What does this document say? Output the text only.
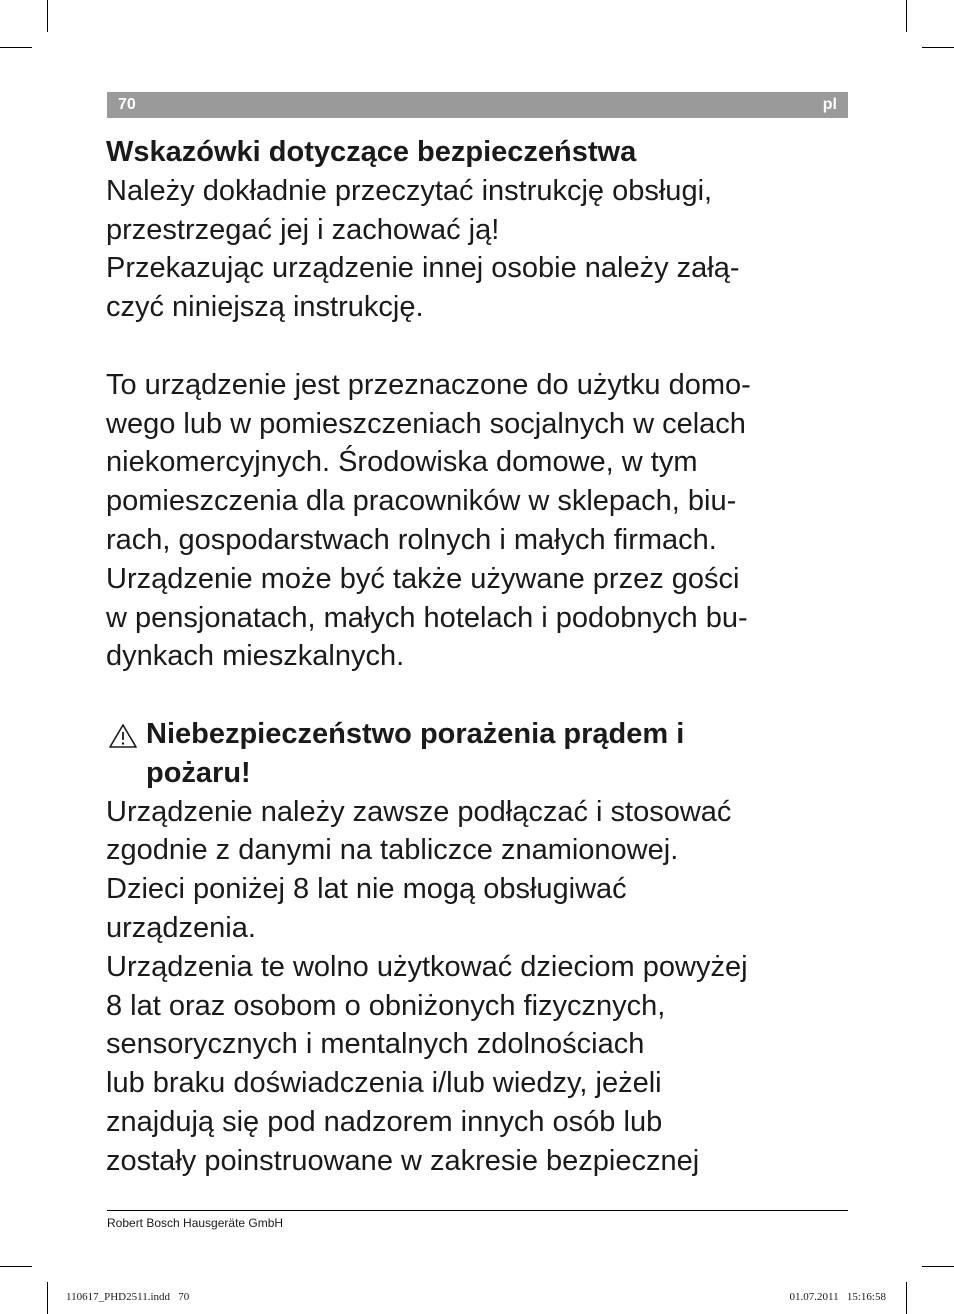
70	pl
Wskazówki dotyczące bezpieczeństwa
Należy dokładnie przeczytać instrukcję obsługi,
przestrzegać jej i zachować ją!
Przekazując urządzenie innej osobie należy załą-
czyć niniejszą instrukcję.
To urządzenie jest przeznaczone do użytku domo-
wego lub w pomieszczeniach socjalnych w celach
niekomercyjnych. Środowiska domowe, w tym
pomieszczenia dla pracowników w sklepach, biu-
rach, gospodarstwach rolnych i małych firmach.
Urządzenie może być także używane przez gości
w pensjonatach, małych hotelach i podobnych bu-
dynkach mieszkalnych.
Niebezpieczeństwo porażenia prądem i
pożaru!
Urządzenie należy zawsze podłączać i stosować
zgodnie z danymi na tabliczce znamionowej.
Dzieci poniżej 8 lat nie mogą obsługiwać
urządzenia.
Urządzenia te wolno użytkować dzieciom powyżej
8 lat oraz osobom o obniżonych fizycznych,
sensorycznych i mentalnych zdolnościach
lub braku doświadczenia i/lub wiedzy, jeżeli
znajdują się pod nadzorem innych osób lub
zostały poinstruowane w zakresie bezpiecznej
Robert Bosch Hausgeräte GmbH
110617_PHD2511.indd   70	01.07.2011   15:16:58
